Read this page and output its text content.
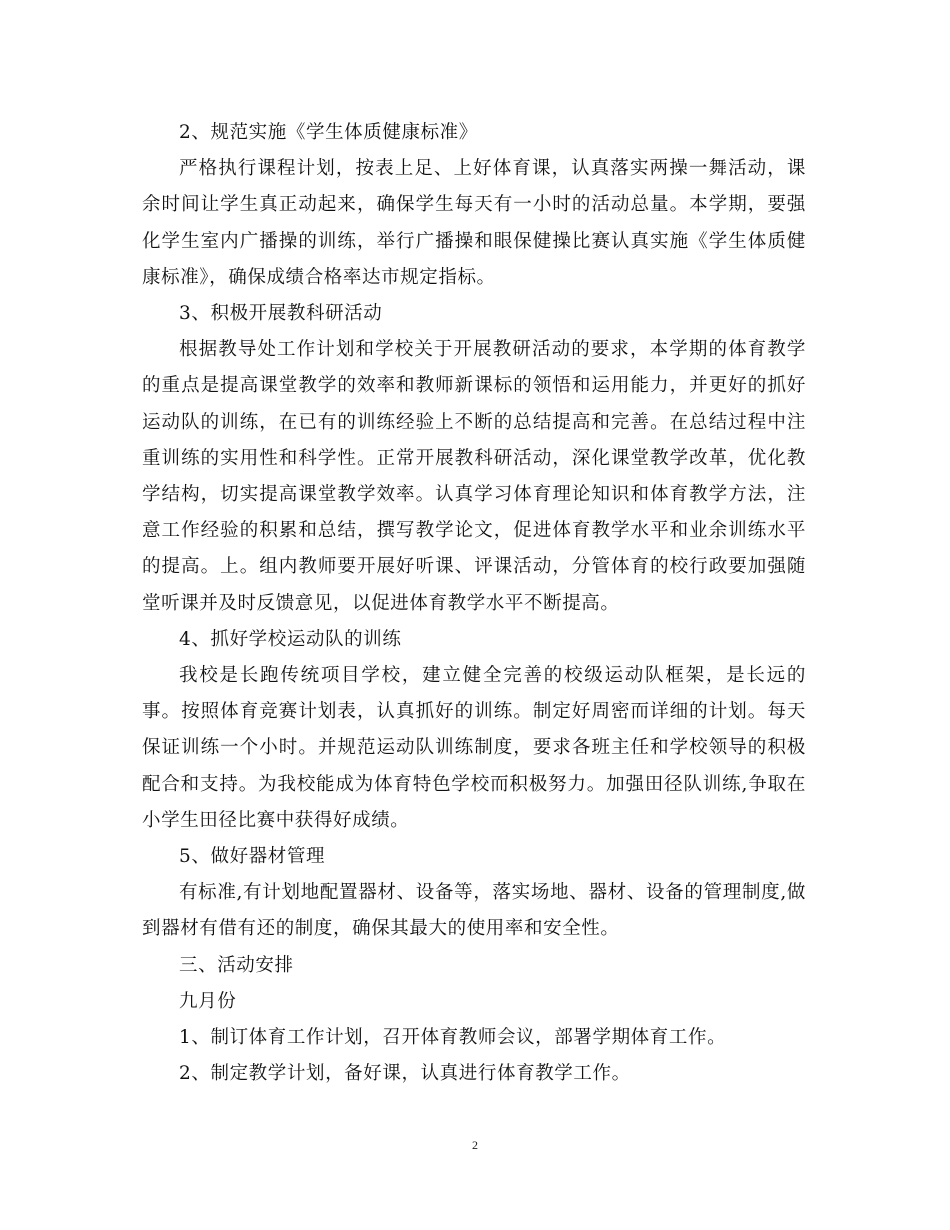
2、规范实施《学生体质健康标准》

严格执行课程计划，按表上足、上好体育课，认真落实两操一舞活动，课余时间让学生真正动起来，确保学生每天有一小时的活动总量。本学期，要强化学生室内广播操的训练，举行广播操和眼保健操比赛认真实施《学生体质健康标准》，确保成绩合格率达市规定指标。

3、积极开展教科研活动

根据教导处工作计划和学校关于开展教研活动的要求，本学期的体育教学的重点是提高课堂教学的效率和教师新课标的领悟和运用能力，并更好的抓好运动队的训练，在已有的训练经验上不断的总结提高和完善。在总结过程中注重训练的实用性和科学性。正常开展教科研活动，深化课堂教学改革，优化教学结构，切实提高课堂教学效率。认真学习体育理论知识和体育教学方法，注意工作经验的积累和总结，撰写教学论文，促进体育教学水平和业余训练水平的提高。上。组内教师要开展好听课、评课活动，分管体育的校行政要加强随堂听课并及时反馈意见，以促进体育教学水平不断提高。

4、抓好学校运动队的训练

我校是长跑传统项目学校，建立健全完善的校级运动队框架，是长远的事。按照体育竞赛计划表，认真抓好的训练。制定好周密而详细的计划。每天保证训练一个小时。并规范运动队训练制度，要求各班主任和学校领导的积极配合和支持。为我校能成为体育特色学校而积极努力。加强田径队训练,争取在小学生田径比赛中获得好成绩。

5、做好器材管理

有标准,有计划地配置器材、设备等，落实场地、器材、设备的管理制度,做到器材有借有还的制度，确保其最大的使用率和安全性。

三、活动安排

九月份

1、制订体育工作计划，召开体育教师会议，部署学期体育工作。

2、制定教学计划，备好课，认真进行体育教学工作。

2
